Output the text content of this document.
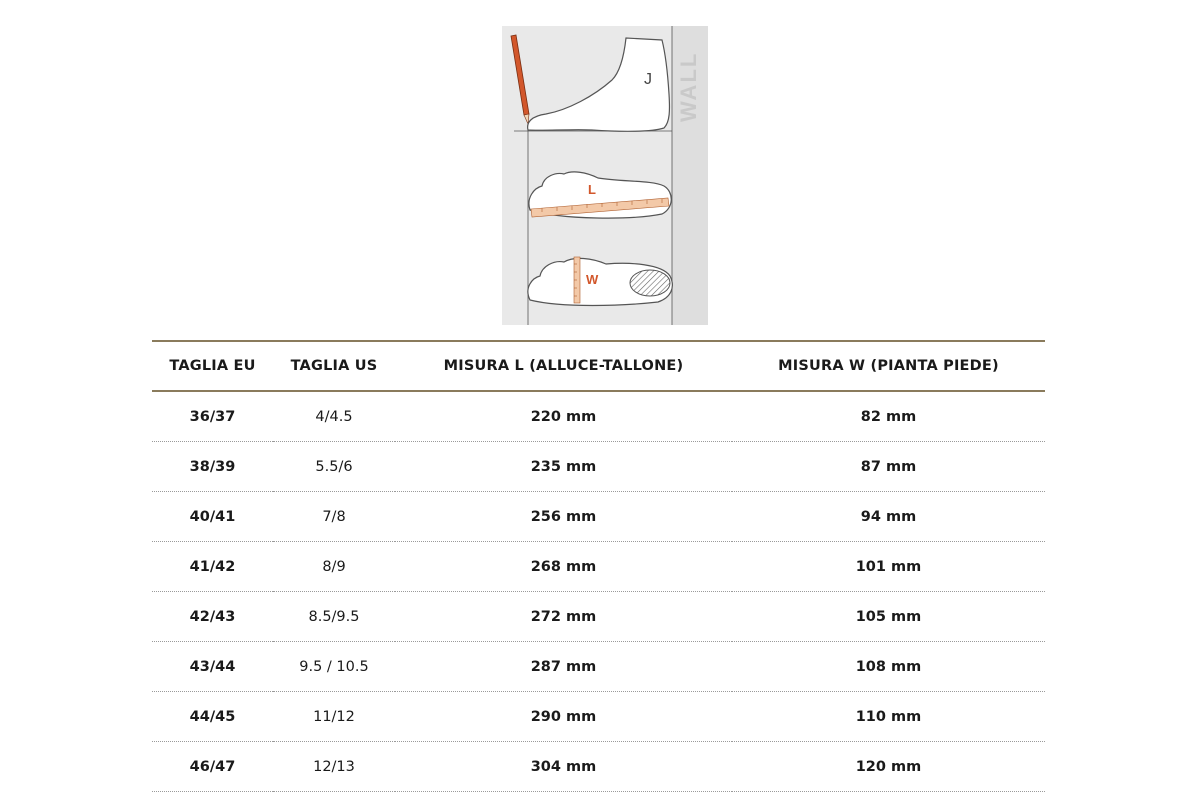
WALL
J
L
W
TAGLIA EU	TAGLIA US	MISURA L (ALLUCE-TALLONE)	MISURA W (PIANTA PIEDE)
36/37	4/4.5	220 mm	82 mm
38/39	5.5/6	235 mm	87 mm
40/41	7/8	256 mm	94 mm
41/42	8/9	268 mm	101 mm
42/43	8.5/9.5	272 mm	105 mm
43/44	9.5 / 10.5	287 mm	108 mm
44/45	11/12	290 mm	110 mm
46/47	12/13	304 mm	120 mm
